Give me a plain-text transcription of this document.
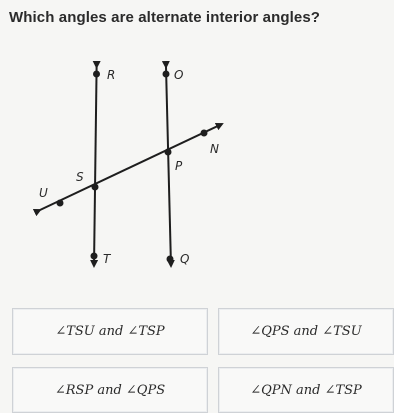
Which angles are alternate interior angles?
R	O
N
P
S
U
T	Q
∠TSU and ∠TSP	∠QPS and ∠TSU
∠RSP and ∠QPS	∠QPN and ∠TSP
